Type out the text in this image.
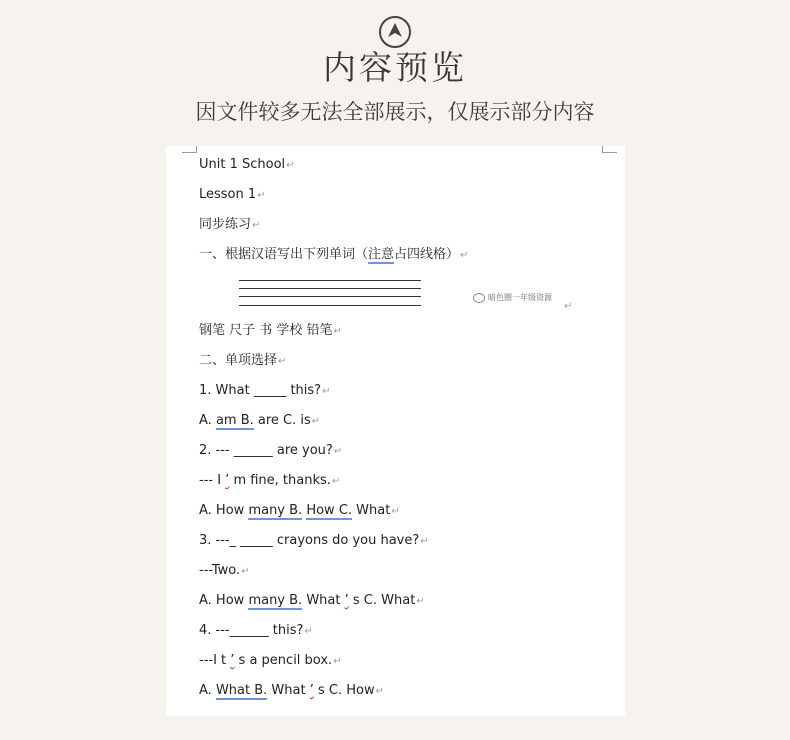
内容预览
因文件较多无法全部展示，仅展示部分内容
Unit 1 School↵
Lesson 1↵
同步练习↵
一、根据汉语写出下列单词（注意占四线格）↵
暗色圈一年级资源
↵
钢笔 尺子 书 学校 铅笔↵
二、单项选择↵
1. What _____ this?↵
A. am B. are C. is↵
2. --- ______ are you?↵
--- I ’ m fine, thanks.↵
A. How many B. How C. What↵
3. ---_ _____ crayons do you have?↵
---Two.↵
A. How many B. What ’ s C. What↵
4. ---______ this?↵
---I t ’ s a pencil box.↵
A. What B. What ’ s C. How↵
